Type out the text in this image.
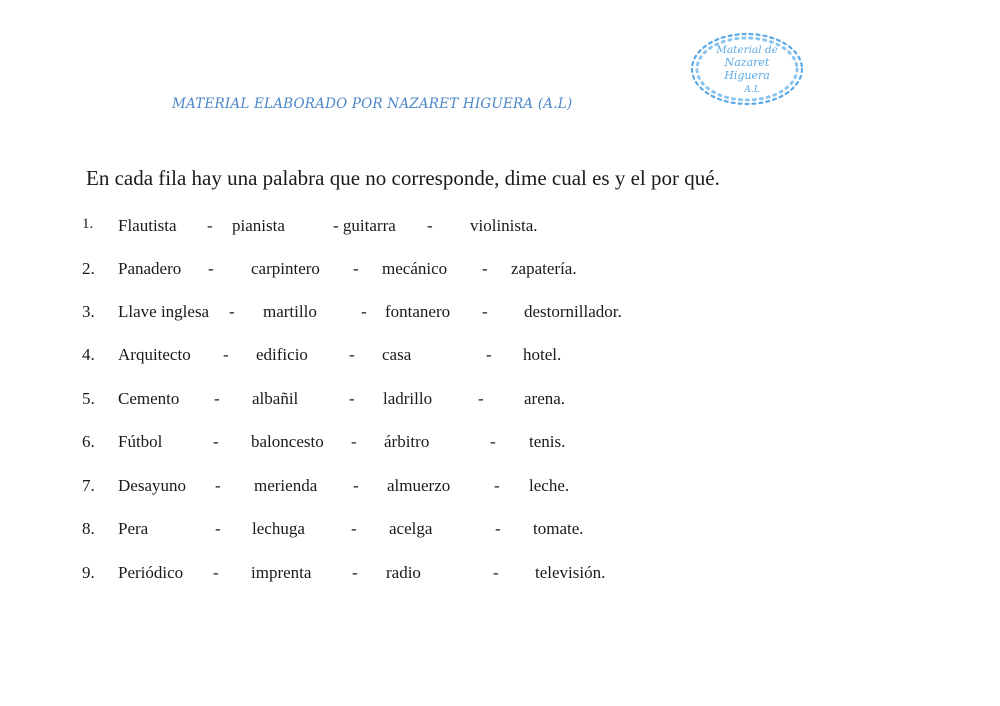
MATERIAL ELABORADO POR NAZARET HIGUERA (A.L)
Material de
Nazaret
Higuera
A.L
En cada fila hay una palabra que no corresponde, dime cual es y el por qué.
1. Flautista - pianista	- guitarra - violinista.
2. Panadero - carpintero - mecánico - zapatería.
3. Llave inglesa - martillo	- fontanero - destornillador.
4. Arquitecto - edificio - casa	- hotel.
5. Cemento - albañil	- ladrillo	- arena.
6. Fútbol	- baloncesto - árbitro	- tenis.
7. Desayuno - merienda - almuerzo	- leche.
8. Pera	- lechuga	- acelga	- tomate.
9. Periódico - imprenta - radio	- televisión.
